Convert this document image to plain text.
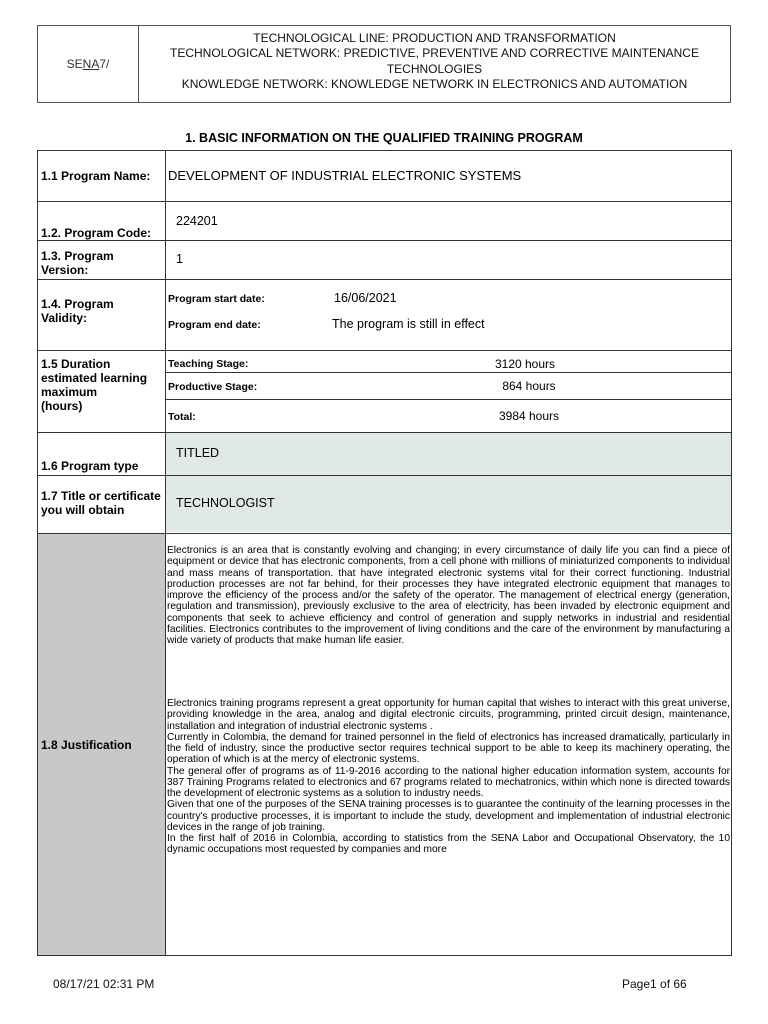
SE NA 7/
TECHNOLOGICAL LINE: PRODUCTION AND TRANSFORMATION
TECHNOLOGICAL NETWORK: PREDICTIVE, PREVENTIVE AND CORRECTIVE MAINTENANCE
TECHNOLOGIES
KNOWLEDGE NETWORK: KNOWLEDGE NETWORK IN ELECTRONICS AND AUTOMATION
1. BASIC INFORMATION ON THE QUALIFIED TRAINING PROGRAM
1.1 Program Name: DEVELOPMENT OF INDUSTRIAL ELECTRONIC SYSTEMS
1.2. Program Code:
224201
1.3. Program
Version:
1
1.4. Program
Validity:
Program start date:	16/06/2021
Program end date:	The program is still in effect
1.5 Duration
estimated learning
maximum
(hours)
Teaching Stage:	3120 hours
Productive Stage:	864 hours
Total:	3984 hours
1.6 Program type
TITLED
1.7 Title or certificate
you will obtain	TECHNOLOGIST
1.8 Justification
Electronics is an area that is constantly evolving and changing; in every circumstance of daily life you can find a piece of equipment or device that has electronic components, from a cell phone with millions of miniaturized components to individual and mass means of transportation. that have integrated electronic systems vital for their correct functioning. Industrial production processes are not far behind, for their processes they have integrated electronic equipment that manages to improve the efficiency of the process and/or the safety of the operator. The management of electrical energy (generation, regulation and transmission), previously exclusive to the area of electricity, has been invaded by electronic equipment and components that seek to achieve efficiency and control of generation and supply networks in industrial and residential facilities. Electronics contributes to the improvement of living conditions and the care of the environment by manufacturing a wide variety of products that make human life easier.
Electronics training programs represent a great opportunity for human capital that wishes to interact with this great universe, providing knowledge in the area, analog and digital electronic circuits, programming, printed circuit design, maintenance, installation and integration of industrial electronic systems .
Currently in Colombia, the demand for trained personnel in the field of electronics has increased dramatically, particularly in the field of industry, since the productive sector requires technical support to be able to keep its machinery operating, the operation of which is at the mercy of electronic systems.
The general offer of programs as of 11-9-2016 according to the national higher education information system, accounts for 387 Training Programs related to electronics and 67 programs related to mechatronics, within which none is directed towards the development of electronic systems as a solution to industry needs.
Given that one of the purposes of the SENA training processes is to guarantee the continuity of the learning processes in the country's productive processes, it is important to include the study, development and implementation of industrial electronic devices in the range of job training.
In the first half of 2016 in Colombia, according to statistics from the SENA Labor and Occupational Observatory, the 10 dynamic occupations most requested by companies and more
08/17/21 02:31 PM	Page1 of 66
